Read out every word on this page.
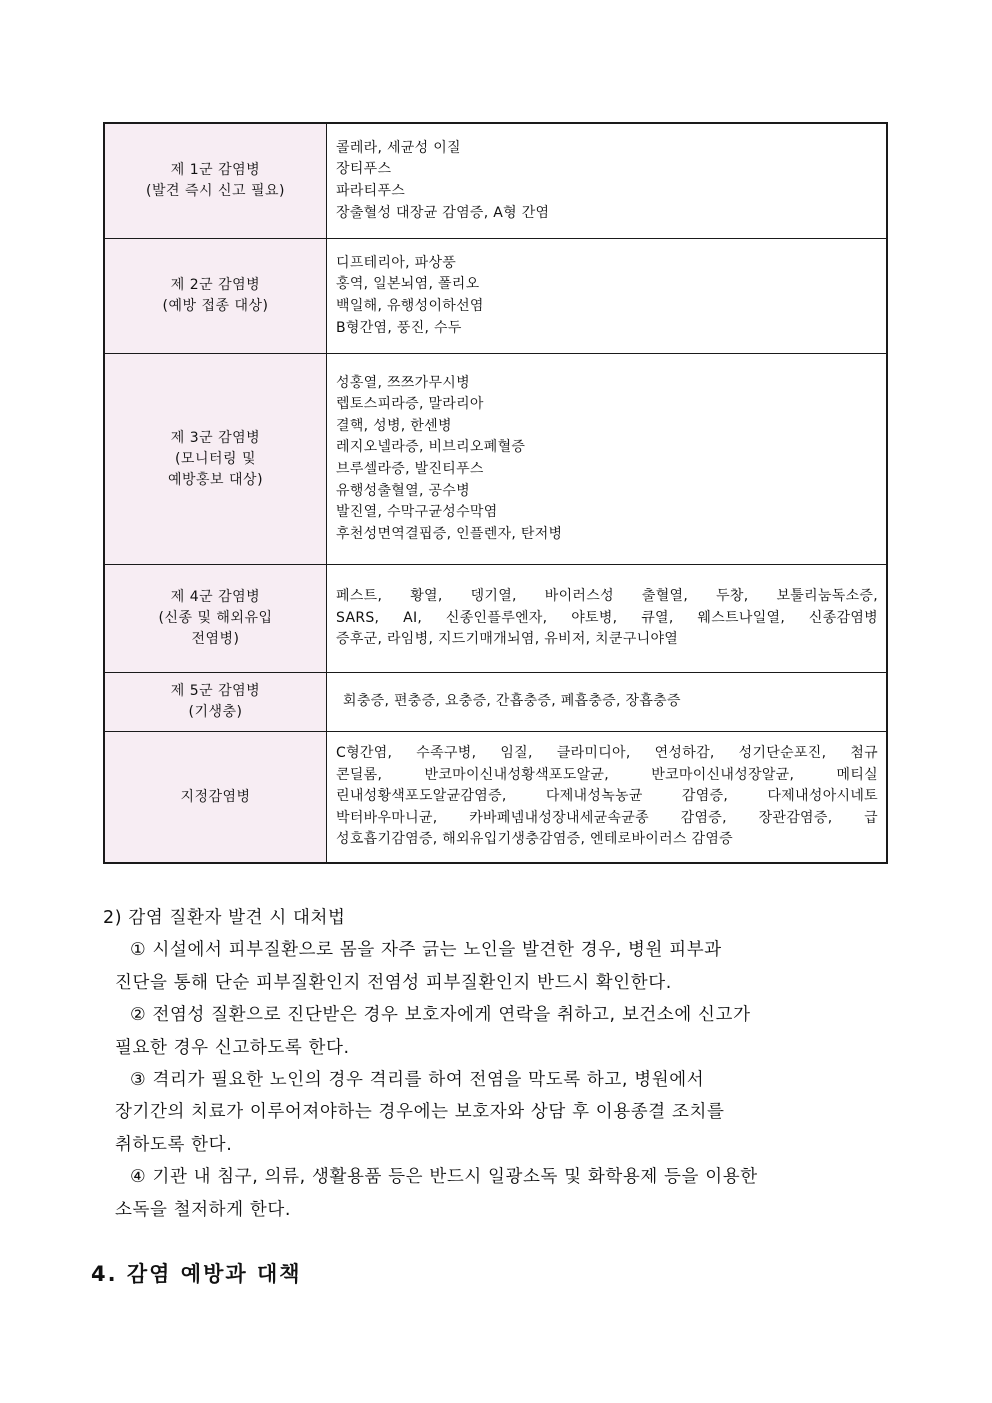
제 1군 감염병
(발견 즉시 신고 필요)
콜레라, 세균성 이질
장티푸스
파라티푸스
장출혈성 대장균 감염증, A형 간염
제 2군 감염병
(예방 접종 대상)
디프테리아, 파상풍
홍역, 일본뇌염, 폴리오
백일해, 유행성이하선염
B형간염, 풍진, 수두
제 3군 감염병
(모니터링 및
예방홍보 대상)
성홍열, 쯔쯔가무시병
렙토스피라증, 말라리아
결핵, 성병, 한센병
레지오넬라증, 비브리오폐혈증
브루셀라증, 발진티푸스
유행성출혈열, 공수병
발진열, 수막구균성수막염
후천성면역결핍증, 인플렌자, 탄저병
제 4군 감염병
(신종 및 해외유입
전염병)
페스트, 황열, 뎅기열, 바이러스성 출혈열, 두창, 보툴리눔독소증,
SARS, AI, 신종인플루엔자, 야토병, 큐열, 웨스트나일열, 신종감염병
증후군, 라임병, 지드기매개뇌염, 유비저, 치쿤구니야열
제 5군 감염병
(기생충)
회충증, 편충증, 요충증, 간흡충증, 폐흡충증, 장흡충증
지정감염병
C형간염, 수족구병, 임질, 클라미디아, 연성하감, 성기단순포진, 첨규
콘딜롬, 반코마이신내성황색포도알균, 반코마이신내성장알균, 메티실
린내성황색포도알균감염증, 다제내성녹농균 감염증, 다제내성아시네토
박터바우마니균, 카바페넴내성장내세균속균종 감염증, 장관감염증, 급
성호흡기감염증, 해외유입기생충감염증, 엔테로바이러스 감염증
2) 감염 질환자 발견 시 대처법
① 시설에서 피부질환으로 몸을 자주 긁는 노인을 발견한 경우, 병원 피부과
진단을 통해 단순 피부질환인지 전염성 피부질환인지 반드시 확인한다.
② 전염성 질환으로 진단받은 경우 보호자에게 연락을 취하고, 보건소에 신고가
필요한 경우 신고하도록 한다.
③ 격리가 필요한 노인의 경우 격리를 하여 전염을 막도록 하고, 병원에서
장기간의 치료가 이루어져야하는 경우에는 보호자와 상담 후 이용종결 조치를
취하도록 한다.
④ 기관 내 침구, 의류, 생활용품 등은 반드시 일광소독 및 화학용제 등을 이용한
소독을 철저하게 한다.
4. 감염 예방과 대책
